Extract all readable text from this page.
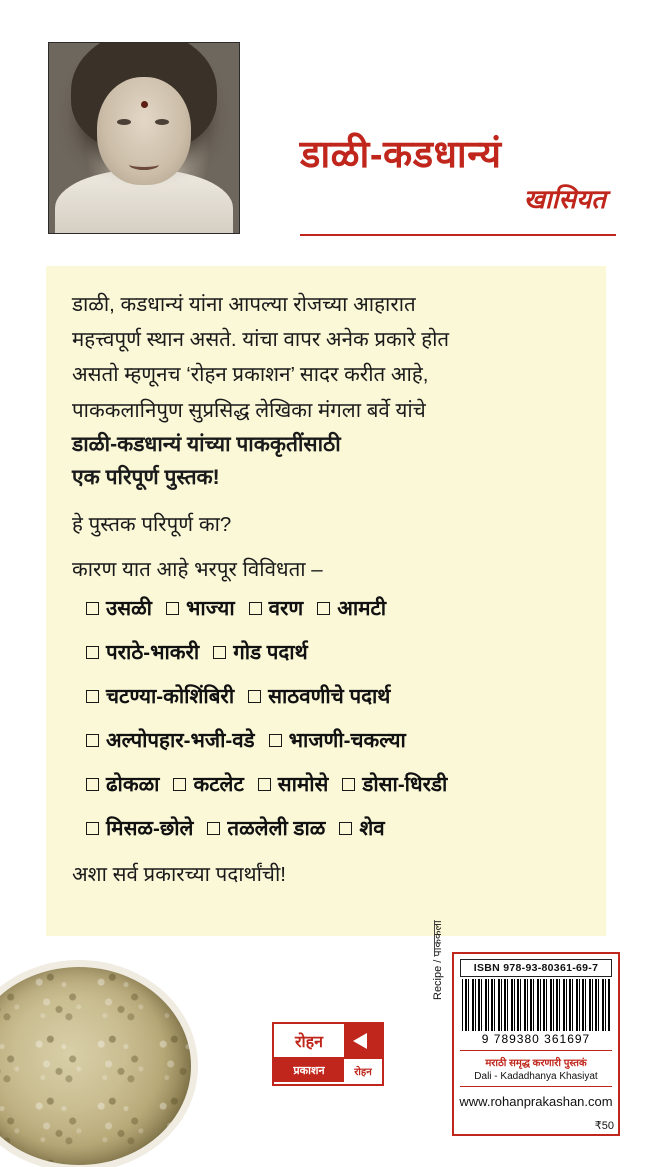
डाळी-कडधान्यं
खासियत

डाळी, कडधान्यं यांना आपल्या रोजच्या आहारात

महत्त्वपूर्ण स्थान असते. यांचा वापर अनेक प्रकारे होत

असतो म्हणूनच ‘रोहन प्रकाशन’ सादर करीत आहे,

पाककलानिपुण सुप्रसिद्ध लेखिका मंगला बर्वे यांचे

डाळी-कडधान्यं यांच्या पाककृतींसाठी

एक परिपूर्ण पुस्तक!

हे पुस्तक परिपूर्ण का?

कारण यात आहे भरपूर विविधता –

उसळी भाज्या वरण आमटी
पराठे-भाकरी गोड पदार्थ
चटण्या-कोशिंबिरी साठवणीचे पदार्थ
अल्पोपहार-भजी-वडे भाजणी-चकल्या
ढोकळा कटलेट सामोसे डोसा-धिरडी
मिसळ-छोले तळलेली डाळ शेव

अशा सर्व प्रकारच्या पदार्थांची!

रोहन
प्रकाशन	रोहन
Recipe / पाककला	ISBN 978-93-80361-69-7
9 789380 361697
मराठी समृद्ध करणारी पुस्तकं
Dali - Kadadhanya Khasiyat
www.rohanprakashan.com
₹50
